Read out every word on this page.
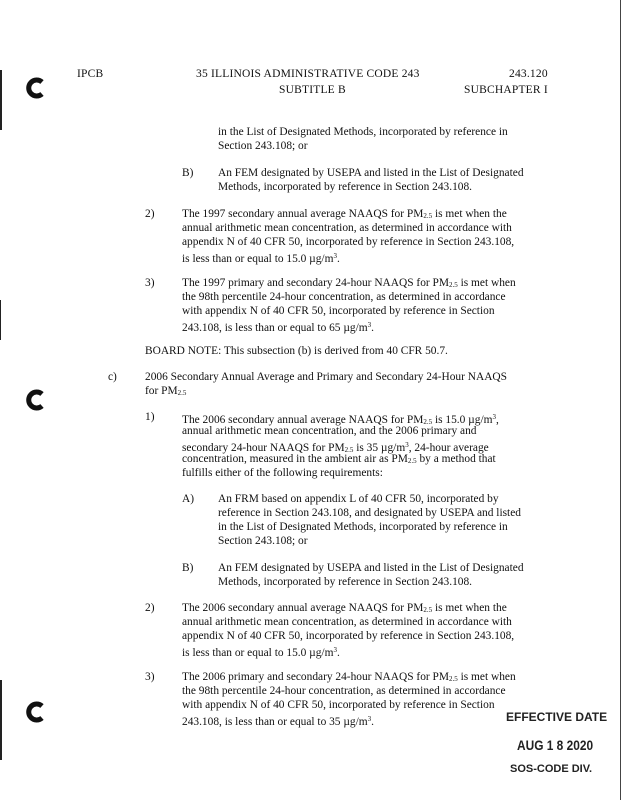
IPCB	35 ILLINOIS ADMINISTRATIVE CODE 243	243.120
SUBTITLE B	SUBCHAPTER I
in the List of Designated Methods, incorporated by reference in
Section 243.108; or
B) An FEM designated by USEPA and listed in the List of Designated
Methods, incorporated by reference in Section 243.108.
2) The 1997 secondary annual average NAAQS for PM2.5 is met when the
annual arithmetic mean concentration, as determined in accordance with
appendix N of 40 CFR 50, incorporated by reference in Section 243.108,
is less than or equal to 15.0 $\mu g/m^3$.
3) The 1997 primary and secondary 24-hour NAAQS for PM2.5 is met when
the 98th percentile 24-hour concentration, as determined in accordance
with appendix N of 40 CFR 50, incorporated by reference in Section
243.108, is less than or equal to 65 $\mu g/m^3$.
BOARD NOTE: This subsection (b) is derived from 40 CFR 50.7.
c) 2006 Secondary Annual Average and Primary and Secondary 24-Hour NAAQS
for PM2.5
1) The 2006 secondary annual average NAAQS for PM2.5 is 15.0 $\mu g/m^3$,
annual arithmetic mean concentration, and the 2006 primary and
secondary 24-hour NAAQS for PM2.5 is 35 $\mu g/m^3$, 24-hour average
concentration, measured in the ambient air as PM2.5 by a method that
fulfills either of the following requirements:
A) An FRM based on appendix L of 40 CFR 50, incorporated by
reference in Section 243.108, and designated by USEPA and listed
in the List of Designated Methods, incorporated by reference in
Section 243.108; or
B) An FEM designated by USEPA and listed in the List of Designated
Methods, incorporated by reference in Section 243.108.
2) The 2006 secondary annual average NAAQS for PM2.5 is met when the
annual arithmetic mean concentration, as determined in accordance with
appendix N of 40 CFR 50, incorporated by reference in Section 243.108,
is less than or equal to 15.0 $\mu g/m^3$.
3) The 2006 primary and secondary 24-hour NAAQS for PM2.5 is met when
the 98th percentile 24-hour concentration, as determined in accordance
with appendix N of 40 CFR 50, incorporated by reference in Section
243.108, is less than or equal to 35 $\mu g/m^3$.	EFFECTIVE DATE
AUG 1 8 2020
SOS-CODE DIV.
